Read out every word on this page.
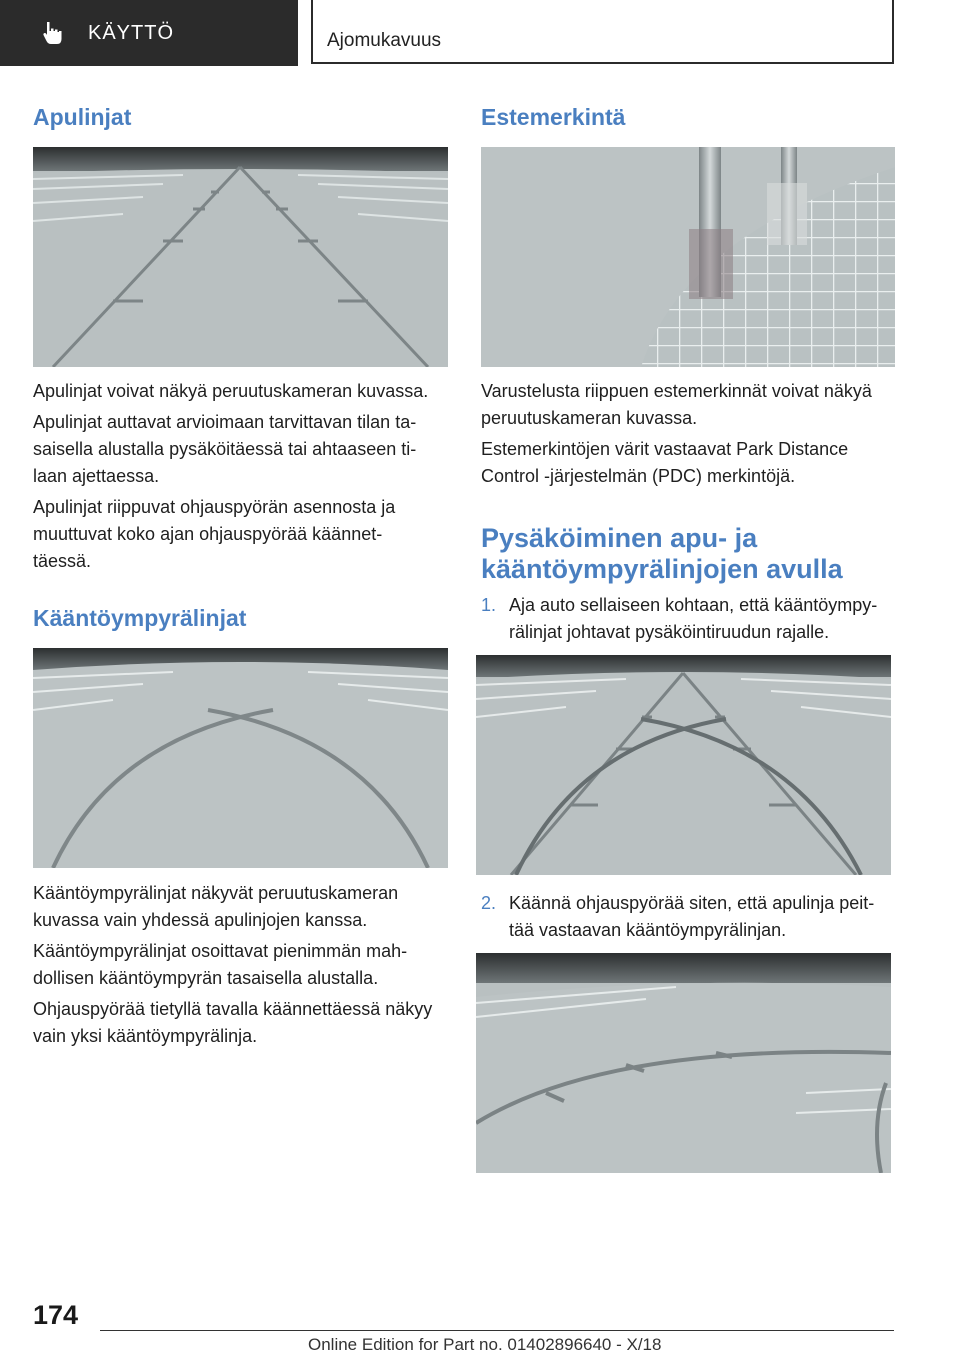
KÄYTTÖ	Ajomukavuus
Apulinjat

Apulinjat voivat näkyä peruutuskameran kuvassa.

Apulinjat auttavat arvioimaan tarvittavan tilan ta-

saisella alustalla pysäköitäessä tai ahtaaseen ti-

laan ajettaessa.

Apulinjat riippuvat ohjauspyörän asennosta ja

muuttuvat koko ajan ohjauspyörää käännet-

täessä.

Kääntöympyrälinjat

Kääntöympyrälinjat näkyvät peruutuskameran

kuvassa vain yhdessä apulinjojen kanssa.

Kääntöympyrälinjat osoittavat pienimmän mah-

dollisen kääntöympyrän tasaisella alustalla.

Ohjauspyörää tietyllä tavalla käännettäessä näkyy

vain yksi kääntöympyrälinja.

Estemerkintä

Varustelusta riippuen estemerkinnät voivat näkyä

peruutuskameran kuvassa.

Estemerkintöjen värit vastaavat Park Distance

Control -järjestelmän (PDC) merkintöjä.

Pysäköiminen apu- ja
kääntöympyrälinjojen avulla
1. Aja auto sellaiseen kohtaan, että kääntöympy-

rälinjat johtavat pysäköintiruudun rajalle.

2. Käännä ohjauspyörää siten, että apulinja peit-

tää vastaavan kääntöympyrälinjan.

174
Online Edition for Part no. 01402896640 - X/18
